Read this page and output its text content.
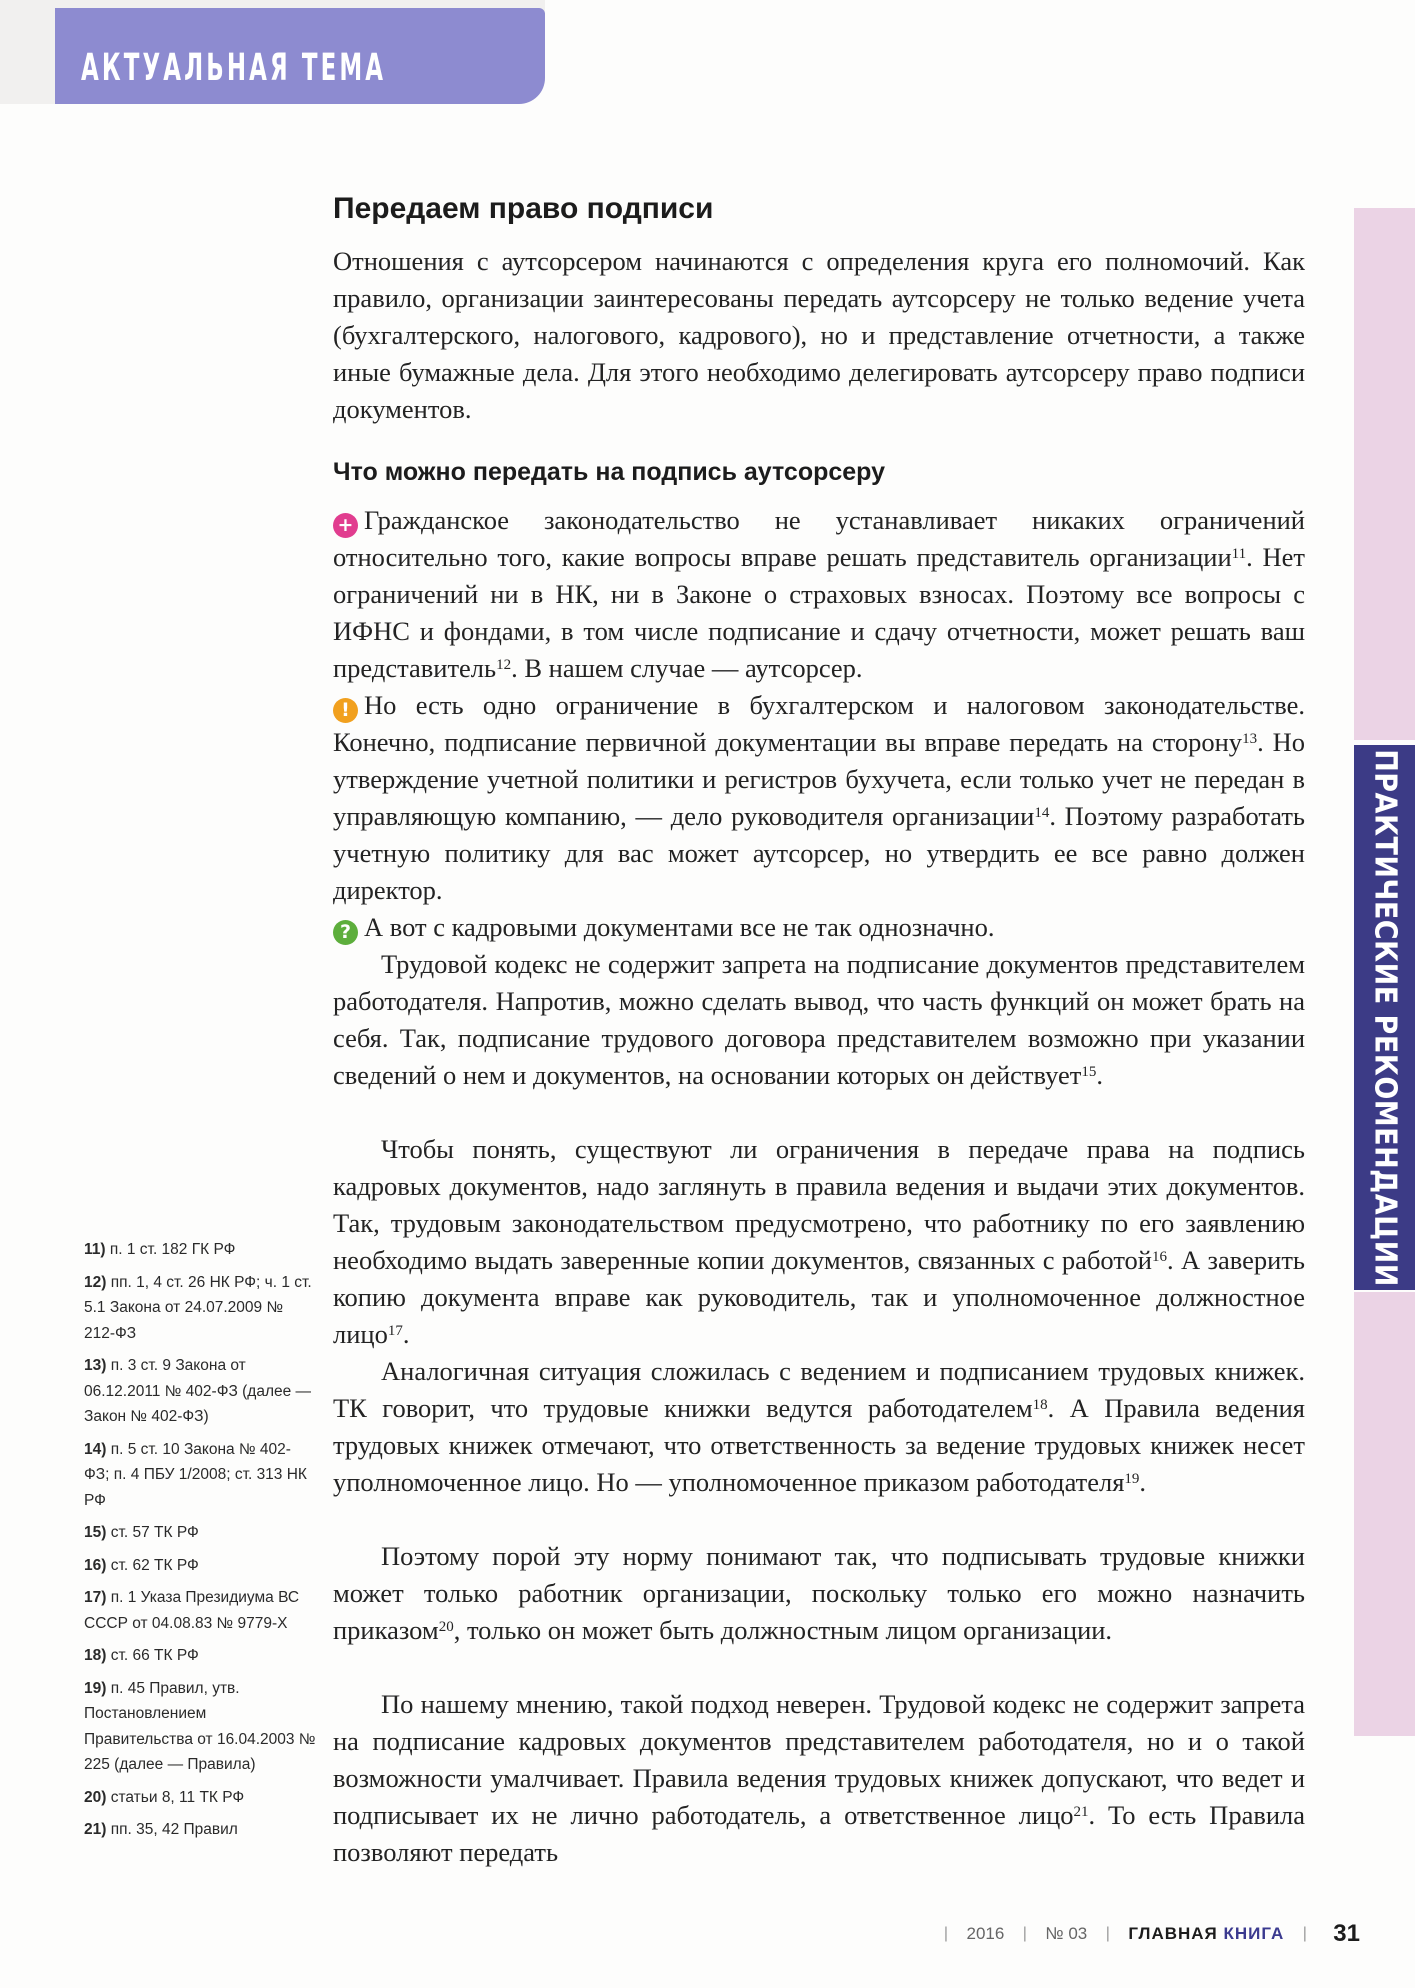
АКТУАЛЬНАЯ ТЕМА
ПРАКТИЧЕСКИЕ РЕКОМЕНДАЦИИ
Передаем право подписи

Отношения с аутсорсером начинаются с определения круга его полномочий. Как правило, организации заинтересованы передать аутсорсеру не только ведение учета (бухгалтерского, налогового, кадрового), но и представление отчетности, а также иные бумажные дела. Для этого необходимо делегировать аутсорсеру право подписи документов.

Что можно передать на подпись аутсорсеру

+ Гражданское законодательство не устанавливает никаких ограничений относительно того, какие вопросы вправе решать представитель организации$^{11}$. Нет ограничений ни в НК, ни в Законе о страховых взносах. Поэтому все вопросы с ИФНС и фондами, в том числе подписание и сдачу отчетности, может решать ваш представитель$^{12}$. В нашем случае — аутсорсер.

! Но есть одно ограничение в бухгалтерском и налоговом законодательстве. Конечно, подписание первичной документации вы вправе передать на сторону$^{13}$. Но утверждение учетной политики и регистров бухучета, если только учет не передан в управляющую компанию, — дело руководителя организации$^{14}$. Поэтому разработать учетную политику для вас может аутсорсер, но утвердить ее все равно должен директор.

? А вот с кадровыми документами все не так однозначно.

Трудовой кодекс не содержит запрета на подписание документов представителем работодателя. Напротив, можно сделать вывод, что часть функций он может брать на себя. Так, подписание трудового договора представителем возможно при указании сведений о нем и документов, на основании которых он действует$^{15}$.

Чтобы понять, существуют ли ограничения в передаче права на подпись кадровых документов, надо заглянуть в правила ведения и выдачи этих документов. Так, трудовым законодательством предусмотрено, что работнику по его заявлению необходимо выдать заверенные копии документов, связанных с работой$^{16}$. А заверить копию документа вправе как руководитель, так и уполномоченное должностное лицо$^{17}$.

Аналогичная ситуация сложилась с ведением и подписанием трудовых книжек. ТК говорит, что трудовые книжки ведутся работодателем$^{18}$. А Правила ведения трудовых книжек отмечают, что ответственность за ведение трудовых книжек несет уполномоченное лицо. Но — уполномоченное приказом работодателя$^{19}$.

Поэтому порой эту норму понимают так, что подписывать трудовые книжки может только работник организации, поскольку только его можно назначить приказом$^{20}$, только он может быть должностным лицом организации.

По нашему мнению, такой подход неверен. Трудовой кодекс не содержит запрета на подписание кадровых документов представителем работодателя, но и о такой возможности умалчивает. Правила ведения трудовых книжек допускают, что ведет и подписывает их не лично работодатель, а ответственное лицо$^{21}$. То есть Правила позволяют передать

11) п. 1 ст. 182 ГК РФ

12) пп. 1, 4 ст. 26 НК РФ; ч. 1 ст. 5.1 Закона от 24.07.2009 № 212-ФЗ

13) п. 3 ст. 9 Закона от 06.12.2011 № 402-ФЗ (далее — Закон № 402-ФЗ)

14) п. 5 ст. 10 Закона № 402-ФЗ; п. 4 ПБУ 1/2008; ст. 313 НК РФ

15) ст. 57 ТК РФ

16) ст. 62 ТК РФ

17) п. 1 Указа Президиума ВС СССР от 04.08.83 № 9779-Х

18) ст. 66 ТК РФ

19) п. 45 Правил, утв. Постановлением Правительства от 16.04.2003 № 225 (далее — Правила)

20) статьи 8, 11 ТК РФ

21) пп. 35, 42 Правил

| 2016 | № 03 | ГЛАВНАЯ КНИГА | 31
